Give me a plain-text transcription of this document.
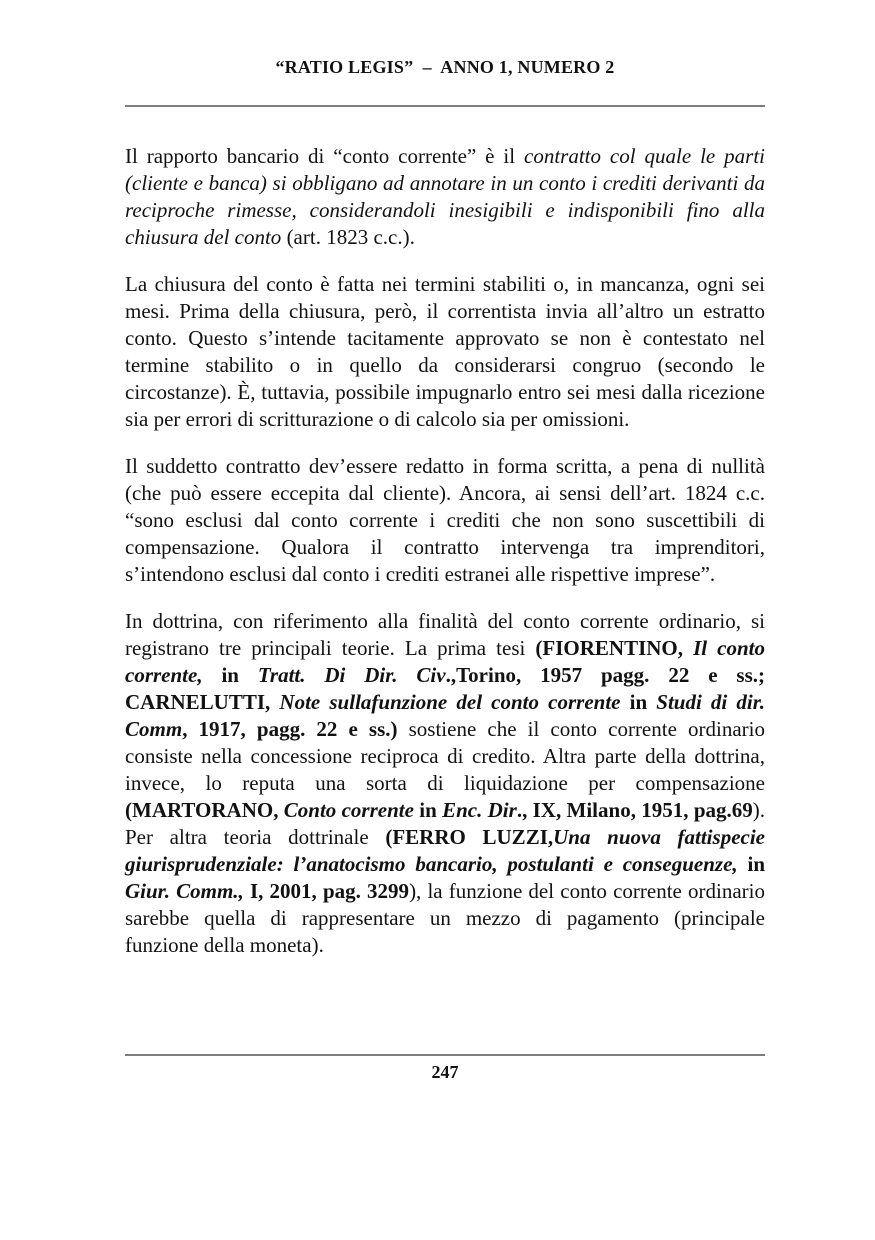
“RATIO LEGIS”  –  ANNO 1, NUMERO 2

Il rapporto bancario di “conto corrente” è il contratto col quale le parti (cliente e banca) si obbligano ad annotare in un conto i crediti derivanti da reciproche rimesse, considerandoli inesigibili e indisponibili fino alla chiusura del conto (art. 1823 c.c.).

La chiusura del conto è fatta nei termini stabiliti o, in mancanza, ogni sei mesi. Prima della chiusura, però, il correntista invia all’altro un estratto conto. Questo s’intende tacitamente approvato se non è contestato nel termine stabilito o in quello da considerarsi congruo (secondo le circostanze). È, tuttavia, possibile impugnarlo entro sei mesi dalla ricezione sia per errori di scritturazione o di calcolo sia per omissioni.

Il suddetto contratto dev’essere redatto in forma scritta, a pena di nullità (che può essere eccepita dal cliente). Ancora, ai sensi dell’art. 1824 c.c. “sono esclusi dal conto corrente i crediti che non sono suscettibili di compensazione. Qualora il contratto intervenga tra imprenditori, s’intendono esclusi dal conto i crediti estranei alle rispettive imprese”.

In dottrina, con riferimento alla finalità del conto corrente ordinario, si registrano tre principali teorie. La prima tesi (FIORENTINO, Il conto corrente, in Tratt. Di Dir. Civ.,Torino, 1957 pagg. 22 e ss.; CARNELUTTI, Note sullafunzione del conto corrente in Studi di dir. Comm, 1917, pagg. 22 e ss.) sostiene che il conto corrente ordinario consiste nella concessione reciproca di credito. Altra parte della dottrina, invece, lo reputa una sorta di liquidazione per compensazione (MARTORANO, Conto corrente in Enc. Dir., IX, Milano, 1951, pag.69). Per altra teoria dottrinale (FERRO LUZZI,Una nuova fattispecie giurisprudenziale: l’anatocismo bancario, postulanti e conseguenze, in Giur. Comm., I, 2001, pag. 3299), la funzione del conto corrente ordinario sarebbe quella di rappresentare un mezzo di pagamento (principale funzione della moneta).

247
